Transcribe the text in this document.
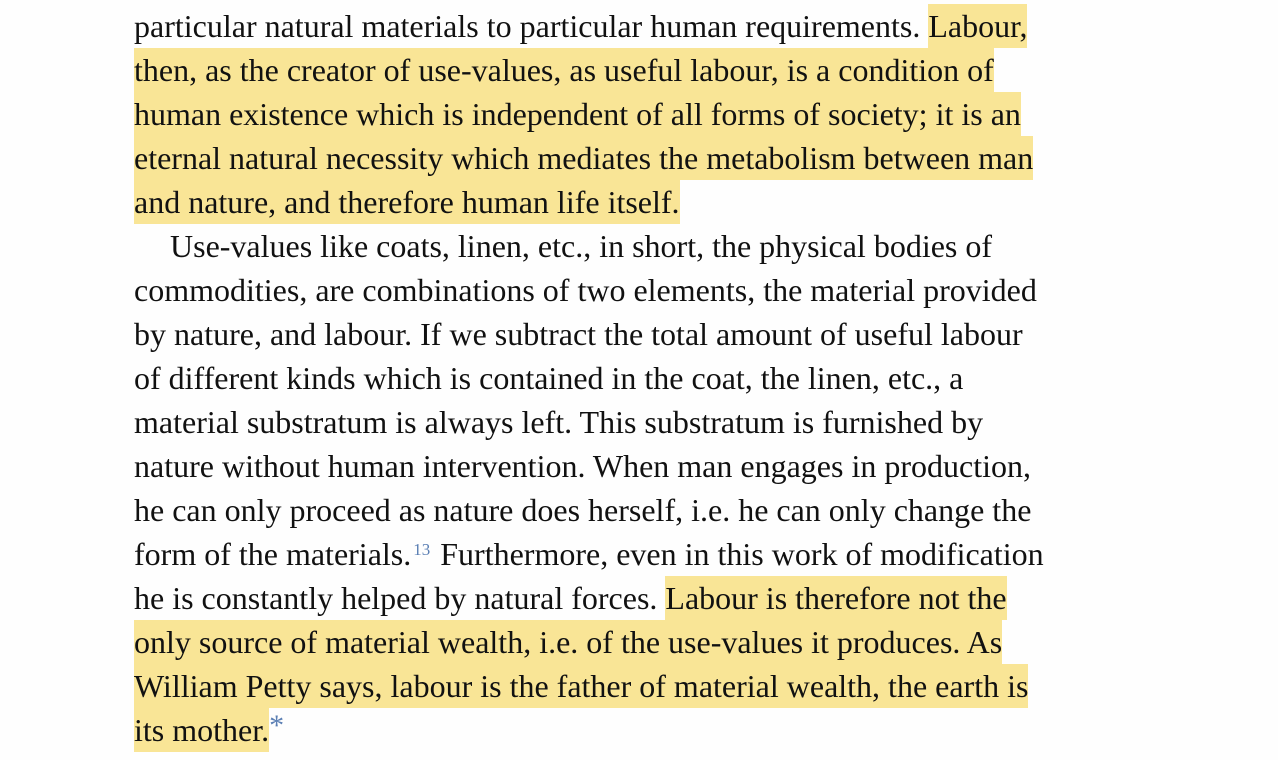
particular natural materials to particular human requirements. Labour,
then, as the creator of use-values, as useful labour, is a condition of
human existence which is independent of all forms of society; it is an
eternal natural necessity which mediates the metabolism between man
and nature, and therefore human life itself.
Use-values like coats, linen, etc., in short, the physical bodies of
commodities, are combinations of two elements, the material provided
by nature, and labour. If we subtract the total amount of useful labour
of different kinds which is contained in the coat, the linen, etc., a
material substratum is always left. This substratum is furnished by
nature without human intervention. When man engages in production,
he can only proceed as nature does herself, i.e. he can only change the
form of the materials. $^{13}$ Furthermore, even in this work of modification
he is constantly helped by natural forces. Labour is therefore not the
only source of material wealth, i.e. of the use-values it produces. As
William Petty says, labour is the father of material wealth, the earth is
its mother.*
